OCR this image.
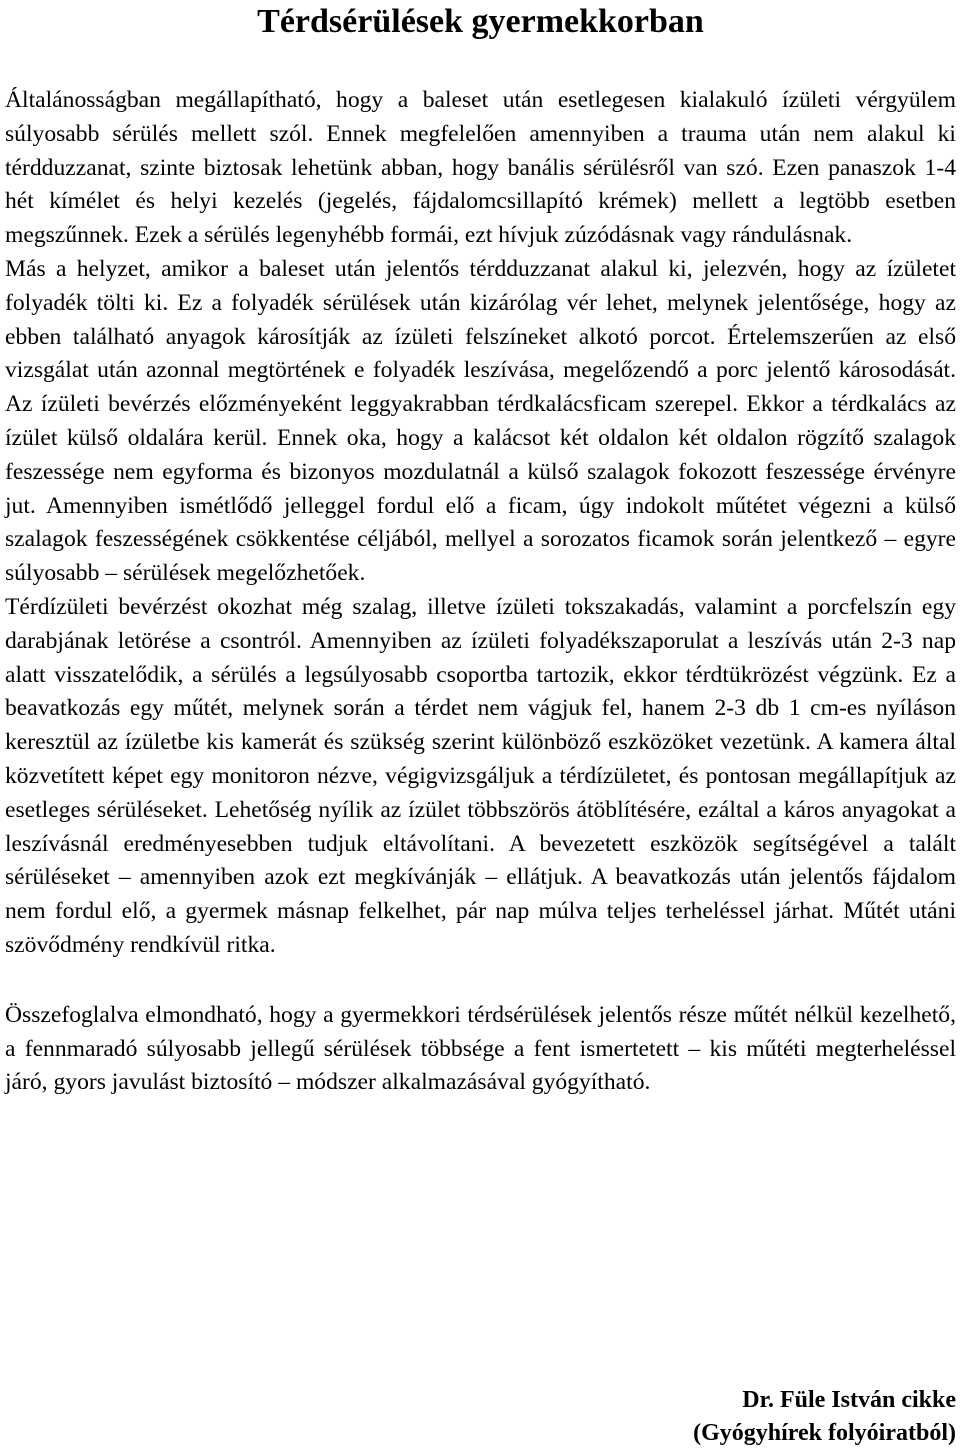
Térdsérülések gyermekkorban

Általánosságban megállapítható, hogy a baleset után esetlegesen kialakuló ízületi vérgyülem súlyosabb sérülés mellett szól. Ennek megfelelően amennyiben a trauma után nem alakul ki térdduzzanat, szinte biztosak lehetünk abban, hogy banális sérülésről van szó. Ezen panaszok 1-4 hét kímélet és helyi kezelés (jegelés, fájdalomcsillapító krémek) mellett a legtöbb esetben megszűnnek. Ezek a sérülés legenyhébb formái, ezt hívjuk zúzódásnak vagy rándulásnak.

Más a helyzet, amikor a baleset után jelentős térdduzzanat alakul ki, jelezvén, hogy az ízületet folyadék tölti ki. Ez a folyadék sérülések után kizárólag vér lehet, melynek jelentősége, hogy az ebben található anyagok károsítják az ízületi felszíneket alkotó porcot. Értelemszerűen az első vizsgálat után azonnal megtörtének e folyadék leszívása, megelőzendő a porc jelentő károsodását. Az ízületi bevérzés előzményeként leggyakrabban térdkalácsficam szerepel. Ekkor a térdkalács az ízület külső oldalára kerül. Ennek oka, hogy a kalácsot két oldalon két oldalon rögzítő szalagok feszessége nem egyforma és bizonyos mozdulatnál a külső szalagok fokozott feszessége érvényre jut. Amennyiben ismétlődő jelleggel fordul elő a ficam, úgy indokolt műtétet végezni a külső szalagok feszességének csökkentése céljából, mellyel a sorozatos ficamok során jelentkező – egyre súlyosabb – sérülések megelőzhetőek.

Térdízületi bevérzést okozhat még szalag, illetve ízületi tokszakadás, valamint a porcfelszín egy darabjának letörése a csontról. Amennyiben az ízületi folyadékszaporulat a leszívás után 2-3 nap alatt visszatelődik, a sérülés a legsúlyosabb csoportba tartozik, ekkor térdtükrözést végzünk. Ez a beavatkozás egy műtét, melynek során a térdet nem vágjuk fel, hanem 2-3 db 1 cm-es nyíláson keresztül az ízületbe kis kamerát és szükség szerint különböző eszközöket vezetünk. A kamera által közvetített képet egy monitoron nézve, végigvizsgáljuk a térdízületet, és pontosan megállapítjuk az esetleges sérüléseket. Lehetőség nyílik az ízület többszörös átöblítésére, ezáltal a káros anyagokat a leszívásnál eredményesebben tudjuk eltávolítani. A bevezetett eszközök segítségével a talált sérüléseket – amennyiben azok ezt megkívánják – ellátjuk. A beavatkozás után jelentős fájdalom nem fordul elő, a gyermek másnap felkelhet, pár nap múlva teljes terheléssel járhat. Műtét utáni szövődmény rendkívül ritka.

Összefoglalva elmondható, hogy a gyermekkori térdsérülések jelentős része műtét nélkül kezelhető, a fennmaradó súlyosabb jellegű sérülések többsége a fent ismertetett – kis műtéti megterheléssel járó, gyors javulást biztosító – módszer alkalmazásával gyógyítható.

Dr. Füle István cikke
(Gyógyhírek folyóiratból)
